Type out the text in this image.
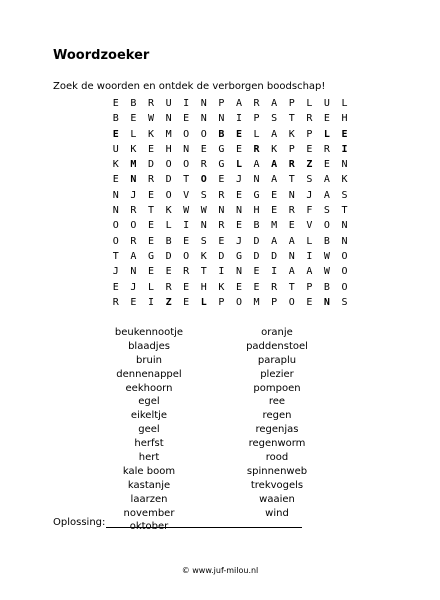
Woordzoeker
Zoek de woorden en ontdek de verborgen boodschap!
E	B	R	U	I	N	P	A	R	A	P	L	U	L
B	E	W	N	E	N	N	I	P	S	T	R	E	H
E	L	K	M	O	O	B	E	L	A	K	P	L	E
U	K	E	H	N	E	G	E	R	K	P	E	R	I
K	M	D	O	O	R	G	L	A	A	R	Z	E	N
E	N	R	D	T	O	E	J	N	A	T	S	A	K
N	J	E	O	V	S	R	E	G	E	N	J	A	S
N	R	T	K	W	W	N	N	H	E	R	F	S	T
O	O	E	L	I	N	R	E	B	M	E	V	O	N
O	R	E	B	E	S	E	J	D	A	A	L	B	N
T	A	G	D	O	K	D	G	D	D	N	I	W	O
J	N	E	E	R	T	I	N	E	I	A	A	W	O
E	J	L	R	E	H	K	E	E	R	T	P	B	O
R	E	I	Z	E	L	P	O	M	P	O	E	N	S
beukennootje
blaadjes
bruin
dennenappel
eekhoorn
egel
eikeltje
geel
herfst
hert
kale boom
kastanje
laarzen
november
oktober
oranje
paddenstoel
paraplu
plezier
pompoen
ree
regen
regenjas
regenworm
rood
spinnenweb
trekvogels
waaien
wind
Oplossing:
© www.juf-milou.nl
